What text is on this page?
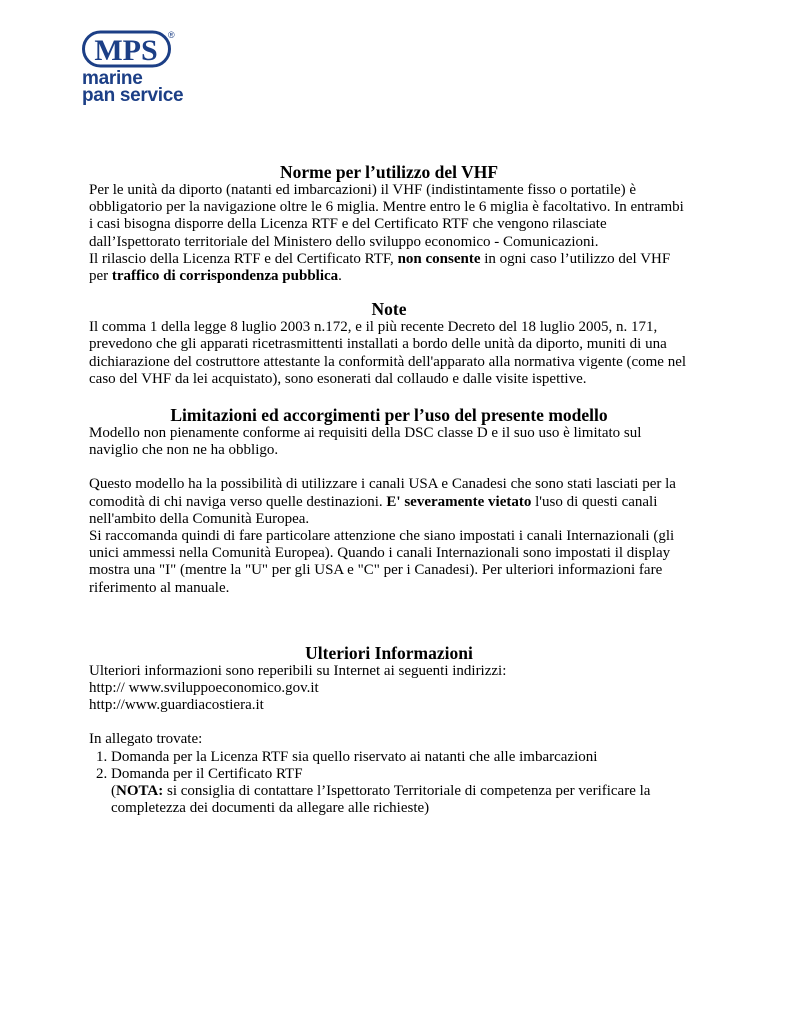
MPS ®
marine
pan service
Norme per l’utilizzo del VHF

Per le unità da diporto (natanti ed imbarcazioni) il VHF (indistintamente fisso o portatile) è obbligatorio per la navigazione oltre le 6 miglia. Mentre entro le 6 miglia è facoltativo. In entrambi i casi bisogna disporre della Licenza RTF e del Certificato RTF che vengono rilasciate dall’Ispettorato territoriale del Ministero dello sviluppo economico - Comunicazioni.

Il rilascio della Licenza RTF e del Certificato RTF, non consente in ogni caso l’utilizzo del VHF per traffico di corrispondenza pubblica.

Note

Il comma 1 della legge 8 luglio 2003 n.172, e il più recente Decreto del 18 luglio 2005, n. 171, prevedono che gli apparati ricetrasmittenti installati a bordo delle unità da diporto, muniti di una dichiarazione del costruttore attestante la conformità dell'apparato alla normativa vigente (come nel caso del VHF da lei acquistato), sono esonerati dal collaudo e dalle visite ispettive.

Limitazioni ed accorgimenti per l’uso del presente modello

Modello non pienamente conforme ai requisiti della DSC classe D e il suo uso è limitato sul naviglio che non ne ha obbligo.

Questo modello ha la possibilità di utilizzare i canali USA e Canadesi che sono stati lasciati per la comodità di chi naviga verso quelle destinazioni. E' severamente vietato l'uso di questi canali nell'ambito della Comunità Europea.

Si raccomanda quindi di fare particolare attenzione che siano impostati i canali Internazionali (gli unici ammessi nella Comunità Europea). Quando i canali Internazionali sono impostati il display mostra una "I" (mentre la "U" per gli USA e "C" per i Canadesi). Per ulteriori informazioni fare riferimento al manuale.

Ulteriori Informazioni

Ulteriori informazioni sono reperibili su Internet ai seguenti indirizzi:

http:// www.sviluppoeconomico.gov.it

http://www.guardiacostiera.it

In allegato trovate:

1. Domanda per la Licenza RTF sia quello riservato ai natanti che alle imbarcazioni
2. Domanda per il Certificato RTF

(NOTA: si consiglia di contattare l’Ispettorato Territoriale di competenza per verificare la completezza dei documenti da allegare alle richieste)
